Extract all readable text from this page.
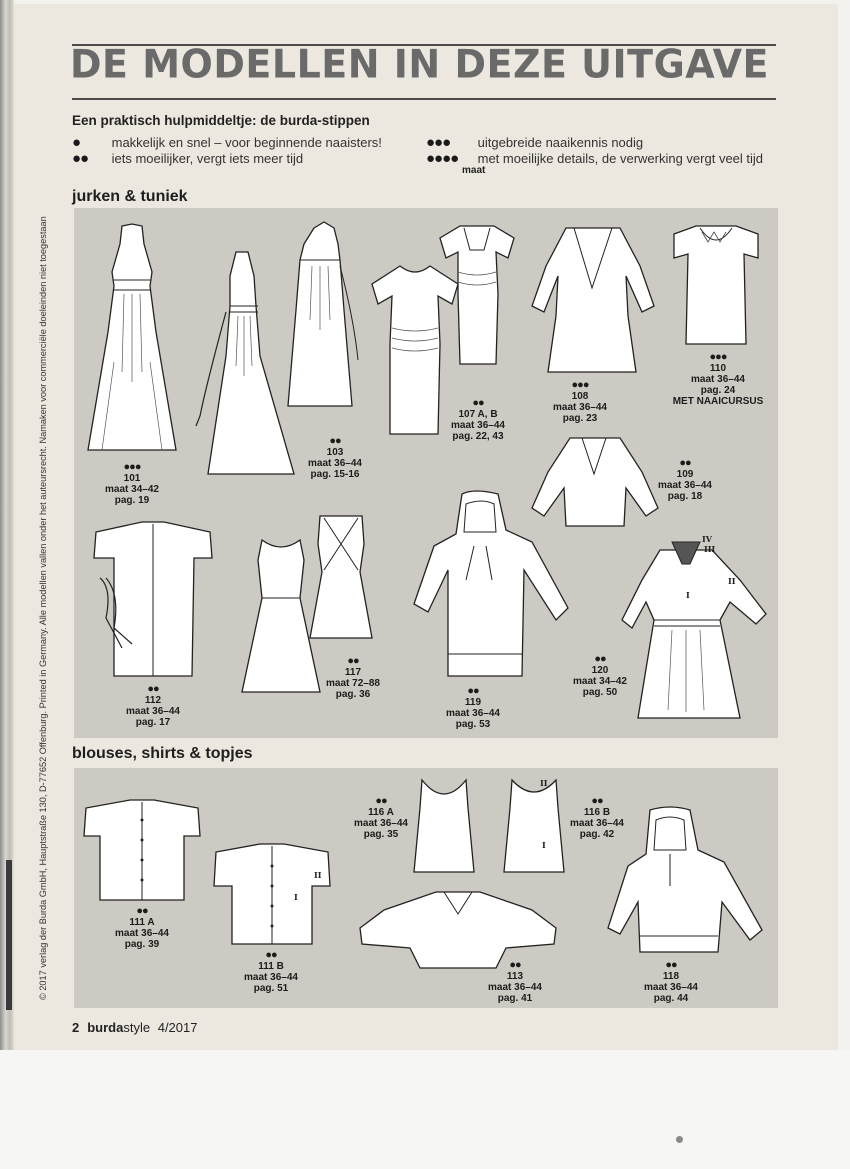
DE MODELLEN IN DEZE UITGAVE
Een praktisch hulpmiddeltje: de burda-stippen
● makkelijk en snel – voor beginnende naaisters!
●● iets moeilijker, vergt iets meer tijd
●●● uitgebreide naaikennis nodig
●●●● met moeilijke details, de verwerking vergt veel tijd
maat
jurken & tuniek
blouses, shirts & topjes
●●●
101
maat 34–42
pag. 19
●●
103
maat 36–44
pag. 15-16
●●
107 A, B
maat 36–44
pag. 22, 43
●●●
108
maat 36–44
pag. 23
●●●
110
maat 36–44
pag. 24
MET NAAICURSUS
●●
109
maat 36–44
pag. 18
●●
112
maat 36–44
pag. 17
●●
117
maat 72–88
pag. 36	●●
119
maat 36–44
pag. 53
IV
III
II
I
●●
120
maat 34–42
pag. 50
●●
111 A
maat 36–44
pag. 39
I
II
●●
111 B
maat 36–44
pag. 51
●●
116 A
maat 36–44
pag. 35
II
I
●●
116 B
maat 36–44
pag. 42
●●
113
maat 36–44
pag. 41
●●
118
maat 36–44
pag. 44
© 2017 verlag der Burda GmbH, Hauptstraße 130, D-77652 Offenburg. Printed in Germany. Alle modellen vallen onder het auteursrecht. Namaken voor commerciële doeleinden niet toegestaan
2 burdastyle 4/2017
